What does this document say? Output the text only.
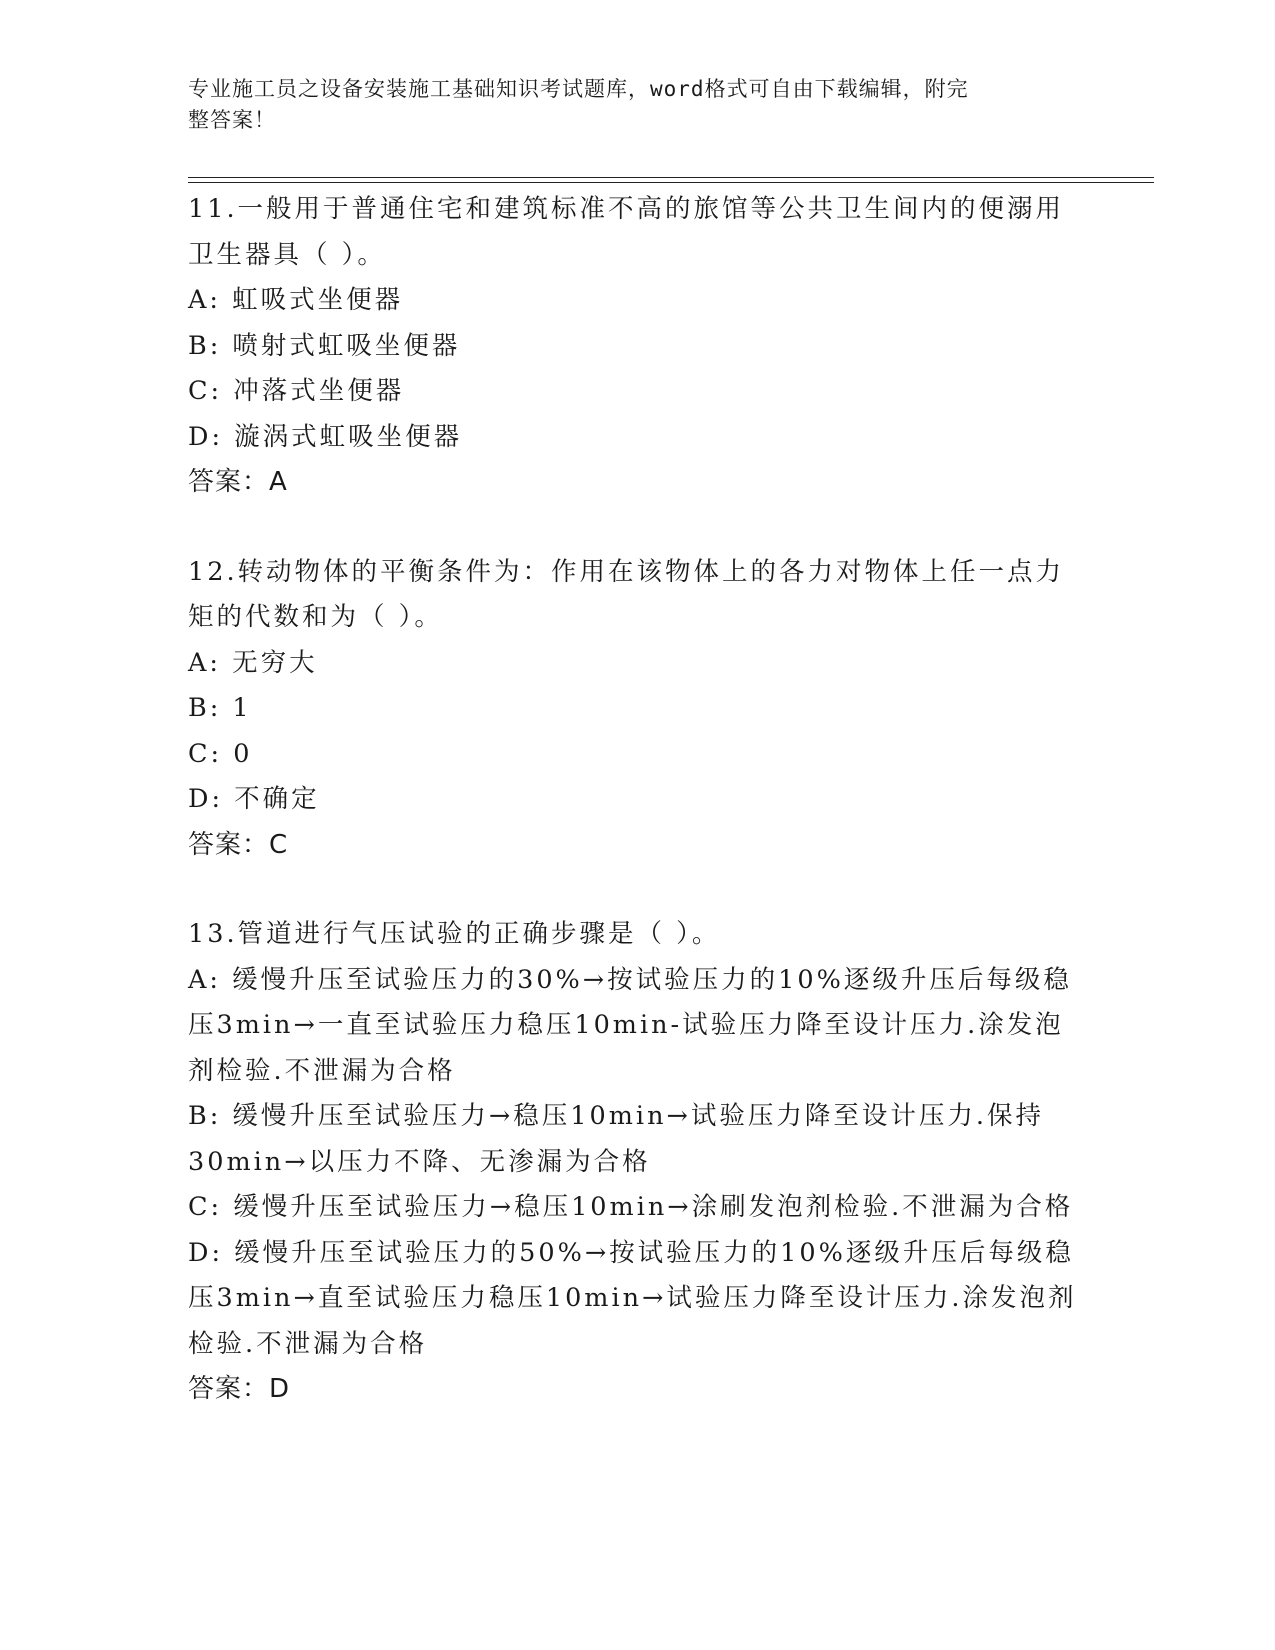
专业施工员之设备安装施工基础知识考试题库，word格式可自由下载编辑，附完
整答案！
11.一般用于普通住宅和建筑标准不高的旅馆等公共卫生间内的便溺用
卫生器具（ ）。
A: 虹吸式坐便器
B: 喷射式虹吸坐便器
C: 冲落式坐便器
D: 漩涡式虹吸坐便器
答案：A
12.转动物体的平衡条件为：作用在该物体上的各力对物体上任一点力
矩的代数和为（ ）。
A: 无穷大
B: 1
C: 0
D: 不确定
答案：C
13.管道进行气压试验的正确步骤是（ ）。
A: 缓慢升压至试验压力的30%→按试验压力的10%逐级升压后每级稳
压3min→一直至试验压力稳压10min-试验压力降至设计压力.涂发泡
剂检验.不泄漏为合格
B: 缓慢升压至试验压力→稳压10min→试验压力降至设计压力.保持
30min→以压力不降、无渗漏为合格
C: 缓慢升压至试验压力→稳压10min→涂刷发泡剂检验.不泄漏为合格
D: 缓慢升压至试验压力的50%→按试验压力的10%逐级升压后每级稳
压3min→直至试验压力稳压10min→试验压力降至设计压力.涂发泡剂
检验.不泄漏为合格
答案：D
